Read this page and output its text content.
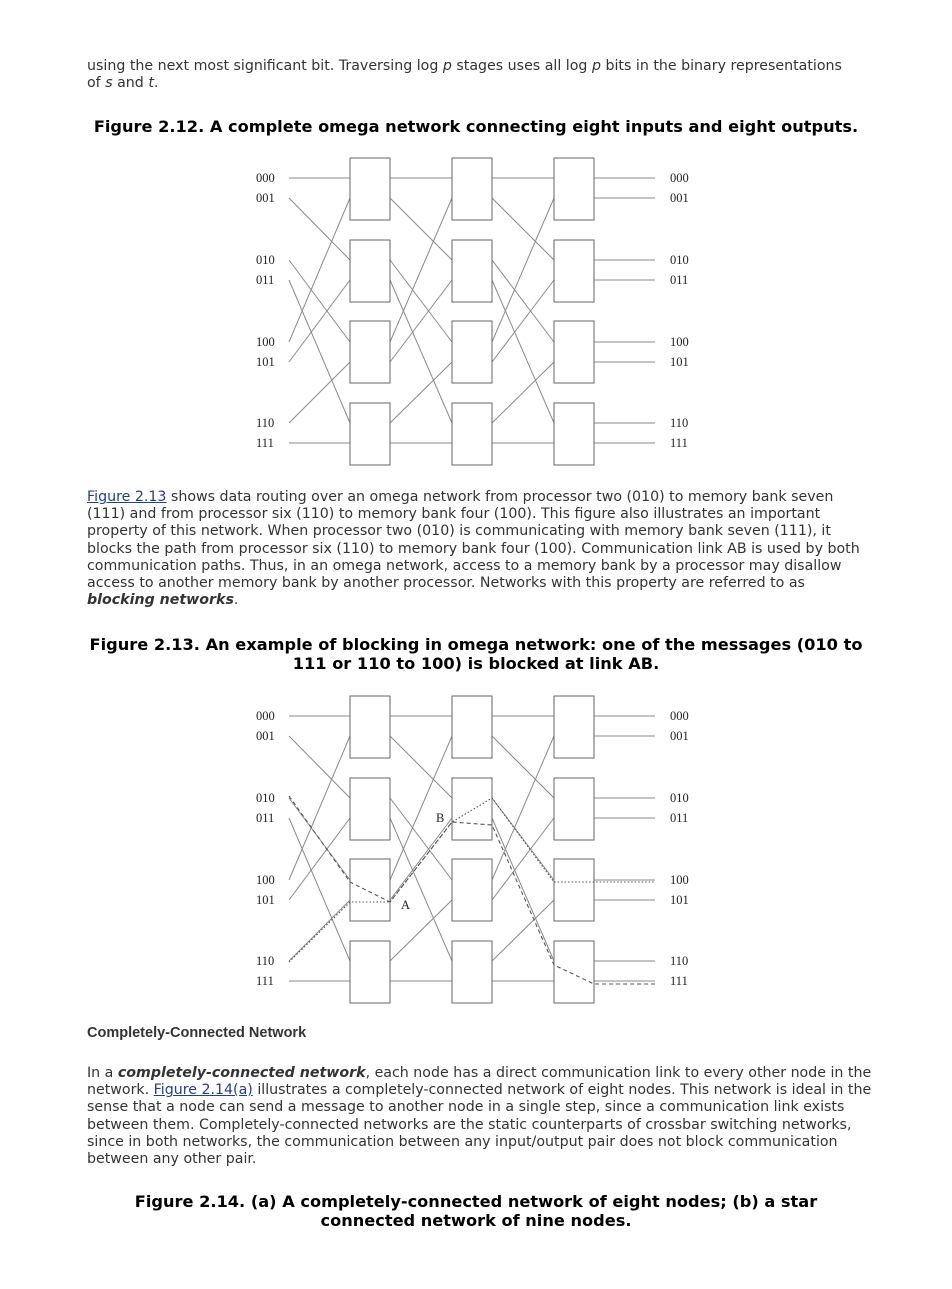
using the next most significant bit. Traversing log p stages uses all log p bits in the binary representations
of s and t.

Figure 2.12. A complete omega network connecting eight inputs and eight outputs.

000
001
010
011
100
101
110
111
000
001
010
011
100
101
110
111

Figure 2.13 shows data routing over an omega network from processor two (010) to memory bank seven (111) and from processor six (110) to memory bank four (100). This figure also illustrates an important property of this network. When processor two (010) is communicating with memory bank seven (111), it blocks the path from processor six (110) to memory bank four (100). Communication link AB is used by both communication paths. Thus, in an omega network, access to a memory bank by a processor may disallow access to another memory bank by another processor. Networks with this property are referred to as blocking networks.

Figure 2.13. An example of blocking in omega network: one of the messages (010 to 111 or 110 to 100) is blocked at link AB.

000
001
010
011
100
101
110
111
000
001
010
011
100
101
110
111
A
B

Completely-Connected Network

In a completely-connected network, each node has a direct communication link to every other node in the network. Figure 2.14(a) illustrates a completely-connected network of eight nodes. This network is ideal in the sense that a node can send a message to another node in a single step, since a communication link exists between them. Completely-connected networks are the static counterparts of crossbar switching networks, since in both networks, the communication between any input/output pair does not block communication between any other pair.

Figure 2.14. (a) A completely-connected network of eight nodes; (b) a star connected network of nine nodes.
